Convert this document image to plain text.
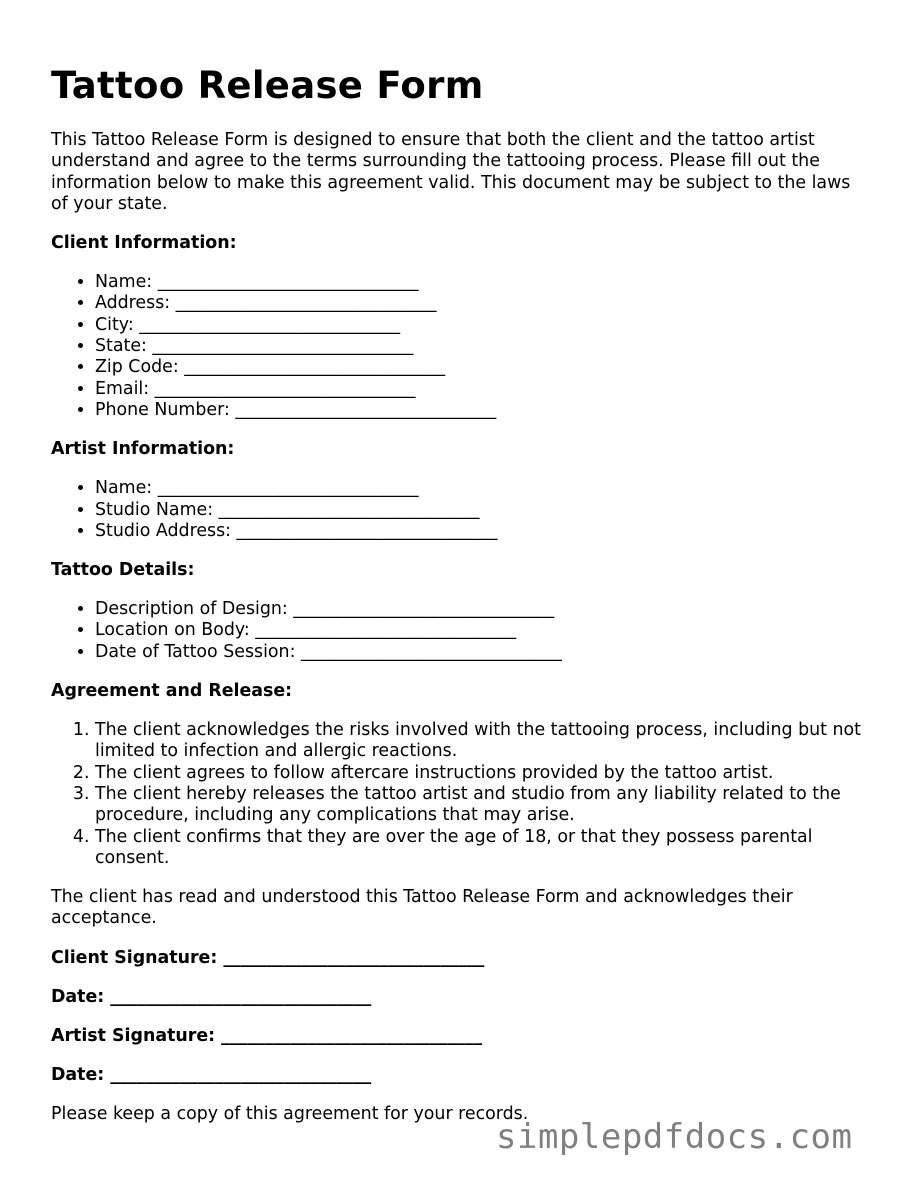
Tattoo Release Form

This Tattoo Release Form is designed to ensure that both the client and the tattoo artist understand and agree to the terms surrounding the tattooing process. Please fill out the information below to make this agreement valid. This document may be subject to the laws of your state.

Client Information:
• Name: ______________________________
• Address: ______________________________
• City: ______________________________
• State: ______________________________
• Zip Code: ______________________________
• Email: ______________________________
• Phone Number: ______________________________
Artist Information:
• Name: ______________________________
• Studio Name: ______________________________
• Studio Address: ______________________________
Tattoo Details:
• Description of Design: ______________________________
• Location on Body: ______________________________
• Date of Tattoo Session: ______________________________
Agreement and Release:
1. The client acknowledges the risks involved with the tattooing process, including but not limited to infection and allergic reactions.
2. The client agrees to follow aftercare instructions provided by the tattoo artist.
3. The client hereby releases the tattoo artist and studio from any liability related to the procedure, including any complications that may arise.
4. The client confirms that they are over the age of 18, or that they possess parental consent.

The client has read and understood this Tattoo Release Form and acknowledges their acceptance.

Client Signature: ______________________________
Date: ______________________________
Artist Signature: ______________________________
Date: ______________________________

Please keep a copy of this agreement for your records.

simplepdfdocs.com
